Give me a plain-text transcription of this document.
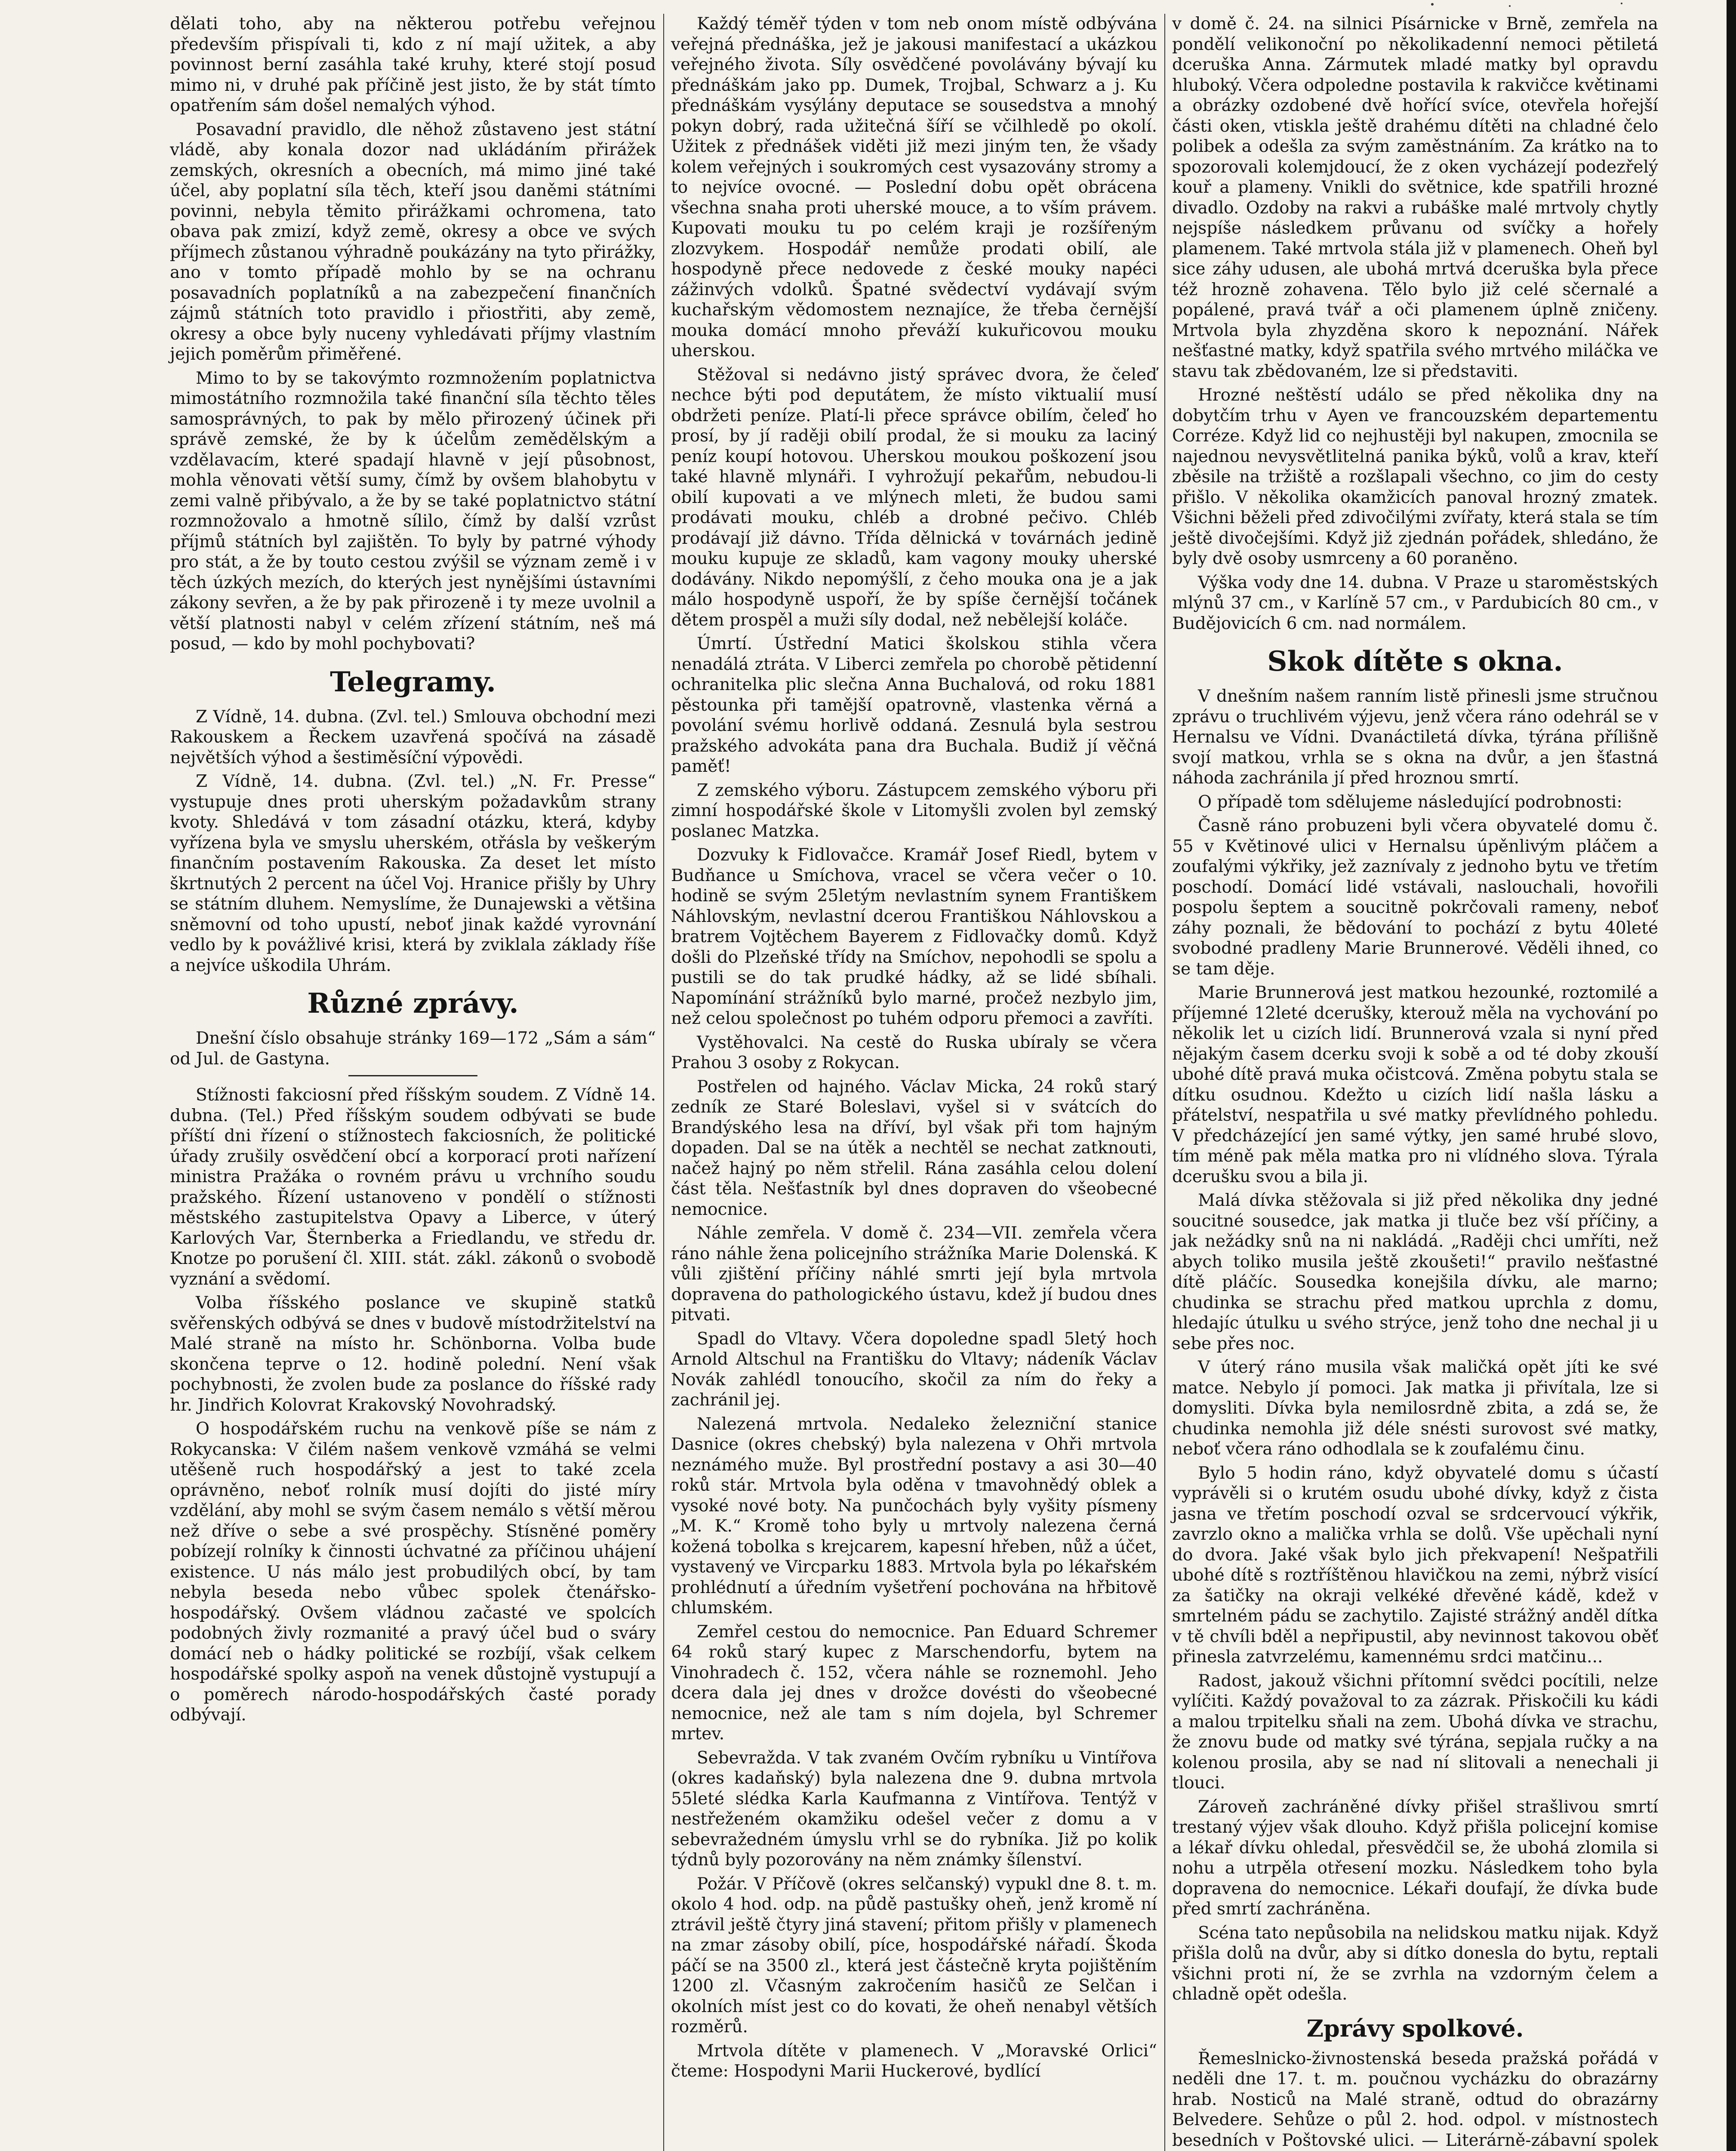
dělati toho, aby na některou potřebu veřejnou především přispívali ti, kdo z ní mají užitek, a aby povinnost berní zasáhla také kruhy, které stojí posud mimo ni, v druhé pak příčině jest jisto, že by stát tímto opatřením sám došel nemalých výhod.

Posavadní pravidlo, dle něhož zůstaveno jest státní vládě, aby konala dozor nad ukládáním přirážek zemských, okresních a obecních, má mimo jiné také účel, aby poplatní síla těch, kteří jsou daněmi státními povinni, nebyla těmito přirážkami ochromena, tato obava pak zmizí, když země, okresy a obce ve svých příjmech zůstanou výhradně poukázány na tyto přirážky, ano v tomto případě mohlo by se na ochranu posavadních poplatníků a na zabezpečení finančních zájmů státních toto pravidlo i přiostřiti, aby země, okresy a obce byly nuceny vyhledávati příjmy vlastním jejich poměrům přiměřené.

Mimo to by se takovýmto rozmnožením poplatnictva mimostátního rozmnožila také finanční síla těchto těles samosprávných, to pak by mělo přirozený účinek při správě zemské, že by k účelům zemědělským a vzdělavacím, které spadají hlavně v její působnost, mohla věnovati větší sumy, čímž by ovšem blahobytu v zemi valně přibývalo, a že by se také poplatnictvo státní rozmnožovalo a hmotně sílilo, čímž by další vzrůst příjmů státních byl zajištěn. To byly by patrné výhody pro stát, a že by touto cestou zvýšil se význam země i v těch úzkých mezích, do kterých jest nynějšími ústavními zákony sevřen, a že by pak přirozeně i ty meze uvolnil a větší platnosti nabyl v celém zřízení státním, neš má posud, — kdo by mohl pochybovati?

Telegramy.

Z Vídně, 14. dubna. (Zvl. tel.) Smlouva obchodní mezi Rakouskem a Řeckem uzavřená spočívá na zásadě největších výhod a šestiměsíční výpovědi.

Z Vídně, 14. dubna. (Zvl. tel.) „N. Fr. Presse“ vystupuje dnes proti uherským požadavkům strany kvoty. Shledává v tom zásadní otázku, která, kdyby vyřízena byla ve smyslu uherském, otřásla by veškerým finančním postavením Rakouska. Za deset let místo škrtnutých 2 percent na účel Voj. Hranice přišly by Uhry se státním dluhem. Nemyslíme, že Dunajewski a většina sněmovní od toho upustí, neboť jinak každé vyrovnání vedlo by k povážlivé krisi, která by zviklala základy říše a nejvíce uškodila Uhrám.

Různé zprávy.

Dnešní číslo obsahuje stránky 169—172 „Sám a sám“ od Jul. de Gastyna.

Stížnosti fakciosní před říšským soudem. Z Vídně 14. dubna. (Tel.) Před říšským soudem odbývati se bude příští dni řízení o stížnostech fakciosních, že politické úřady zrušily osvědčení obcí a korporací proti nařízení ministra Pražáka o rovném právu u vrchního soudu pražského. Řízení ustanoveno v pondělí o stížnosti městského zastupitelstva Opavy a Liberce, v úterý Karlových Var, Šternberka a Friedlandu, ve středu dr. Knotze po porušení čl. XIII. stát. zákl. zákonů o svobodě vyznání a svědomí.

Volba říšského poslance ve skupině statků svěřenských odbývá se dnes v budově místodržitelství na Malé straně na místo hr. Schönborna. Volba bude skončena teprve o 12. hodině polední. Není však pochybnosti, že zvolen bude za poslance do říšské rady hr. Jindřich Kolovrat Krakovský Novohradský.

O hospodářském ruchu na venkově píše se nám z Rokycanska: V čilém našem venkově vzmáhá se velmi utěšeně ruch hospodářský a jest to také zcela oprávněno, neboť rolník musí dojíti do jisté míry vzdělání, aby mohl se svým časem nemálo s větší měrou než dříve o sebe a své prospěchy. Stísněné poměry pobízejí rolníky k činnosti úchvatné za příčinou uhájení existence. U nás málo jest probudilých obcí, by tam nebyla beseda nebo vůbec spolek čtenářsko-hospodářský. Ovšem vládnou začasté ve spolcích podobných živly rozmanité a pravý účel bud o sváry domácí neb o hádky politické se rozbíjí, však celkem hospodářské spolky aspoň na venek důstojně vystupují a o poměrech národo-hospodářských časté porady odbývají.

Každý téměř týden v tom neb onom místě odbývána veřejná přednáška, jež je jakousi manifestací a ukázkou veřejného života. Síly osvědčené povolávány bývají ku přednáškám jako pp. Dumek, Trojbal, Schwarz a j. Ku přednáškám vysýlány deputace se sousedstva a mnohý pokyn dobrý, rada užitečná šíří se včilhledě po okolí. Užitek z přednášek viděti již mezi jiným ten, že všady kolem veřejných i soukromých cest vysazovány stromy a to nejvíce ovocné. — Poslední dobu opět obrácena všechna snaha proti uherské mouce, a to vším právem. Kupovati mouku tu po celém kraji je rozšířeným zlozvykem. Hospodář nemůže prodati obilí, ale hospodyně přece nedovede z české mouky napéci zážinvých vdolků. Špatné svědectví vydávají svým kuchařským vědomostem neznajíce, že třeba černější mouka domácí mnoho převáží kukuřicovou mouku uherskou.

Stěžoval si nedávno jistý správec dvora, že čeleď nechce býti pod deputátem, že místo viktualií musí obdržeti peníze. Platí-li přece správce obilím, čeleď ho prosí, by jí raději obilí prodal, že si mouku za laciný peníz koupí hotovou. Uherskou moukou poškození jsou také hlavně mlynáři. I vyhrožují pekařům, nebudou-li obilí kupovati a ve mlýnech mleti, že budou sami prodávati mouku, chléb a drobné pečivo. Chléb prodávají již dávno. Třída dělnická v továrnách jedině mouku kupuje ze skladů, kam vagony mouky uherské dodávány. Nikdo nepomýšlí, z čeho mouka ona je a jak málo hospodyně uspoří, že by spíše černější točánek dětem prospěl a muži síly dodal, než nebělejší koláče.

Úmrtí. Ústřední Matici školskou stihla včera nenadálá ztráta. V Liberci zemřela po chorobě pětidenní ochranitelka plic slečna Anna Buchalová, od roku 1881 pěstounka při tamější opatrovně, vlastenka věrná a povolání svému horlivě oddaná. Zesnulá byla sestrou pražského advokáta pana dra Buchala. Budiž jí věčná paměť!

Z zemského výboru. Zástupcem zemského výboru při zimní hospodářské škole v Litomyšli zvolen byl zemský poslanec Matzka.

Dozvuky k Fidlovačce. Kramář Josef Riedl, bytem v Budňance u Smíchova, vracel se včera večer o 10. hodině se svým 25letým nevlastním synem Františkem Náhlovským, nevlastní dcerou Františkou Náhlovskou a bratrem Vojtěchem Bayerem z Fidlovačky domů. Když došli do Plzeňské třídy na Smíchov, nepohodli se spolu a pustili se do tak prudké hádky, až se lidé sbíhali. Napomínání strážníků bylo marné, pročež nezbylo jim, než celou společnost po tuhém odporu přemoci a zavříti.

Vystěhovalci. Na cestě do Ruska ubíraly se včera Prahou 3 osoby z Rokycan.

Postřelen od hajného. Václav Micka, 24 roků starý zedník ze Staré Boleslavi, vyšel si v svátcích do Brandýského lesa na dříví, byl však při tom hajným dopaden. Dal se na útěk a nechtěl se nechat zatknouti, načež hajný po něm střelil. Rána zasáhla celou dolení část těla. Nešťastník byl dnes dopraven do všeobecné nemocnice.

Náhle zemřela. V domě č. 234—VII. zemřela včera ráno náhle žena policejního strážníka Marie Dolenská. K vůli zjištění příčiny náhlé smrti její byla mrtvola dopravena do pathologického ústavu, kdež jí budou dnes pitvati.

Spadl do Vltavy. Včera dopoledne spadl 5letý hoch Arnold Altschul na Františku do Vltavy; nádeník Václav Novák zahlédl tonoucího, skočil za ním do řeky a zachránil jej.

Nalezená mrtvola. Nedaleko železniční stanice Dasnice (okres chebský) byla nalezena v Ohři mrtvola neznámého muže. Byl prostřední postavy a asi 30—40 roků stár. Mrtvola byla oděna v tmavohnědý oblek a vysoké nové boty. Na punčochách byly vyšity písmeny „M. K.“ Kromě toho byly u mrtvoly nalezena černá kožená tobolka s krejcarem, kapesní hřeben, nůž a účet, vystavený ve Vircparku 1883. Mrtvola byla po lékařském prohlédnutí a úředním vyšetření pochována na hřbitově chlumském.

Zemřel cestou do nemocnice. Pan Eduard Schremer 64 roků starý kupec z Marschendorfu, bytem na Vinohradech č. 152, včera náhle se roznemohl. Jeho dcera dala jej dnes v drožce dovésti do všeobecné nemocnice, než ale tam s ním dojela, byl Schremer mrtev.

Sebevražda. V tak zvaném Ovčím rybníku u Vintířova (okres kadaňský) byla nalezena dne 9. dubna mrtvola 55leté slédka Karla Kaufmanna z Vintířova. Tentýž v nestřeženém okamžiku odešel večer z domu a v sebevražedném úmyslu vrhl se do rybníka. Již po kolik týdnů byly pozorovány na něm známky šílenství.

Požár. V Příčově (okres selčanský) vypukl dne 8. t. m. okolo 4 hod. odp. na půdě pastušky oheň, jenž kromě ní ztrávil ještě čtyry jiná stavení; přitom přišly v plamenech na zmar zásoby obilí, píce, hospodářské nářadí. Škoda páčí se na 3500 zl., která jest částečně kryta pojištěním 1200 zl. Včasným zakročením hasičů ze Selčan i okolních míst jest co do kovati, že oheň nenabyl větších rozměrů.

Mrtvola dítěte v plamenech. V „Moravské Orlici“ čteme: Hospodyni Marii Huckerové, bydlící

v domě č. 24. na silnici Písárnicke v Brně, zemřela na pondělí velikonoční po několikadenní nemoci pětiletá dceruška Anna. Zármutek mladé matky byl opravdu hluboký. Včera odpoledne postavila k rakvičce květinami a obrázky ozdobené dvě hořící svíce, otevřela hořejší části oken, vtiskla ještě drahému dítěti na chladné čelo polibek a odešla za svým zaměstnáním. Za krátko na to spozorovali kolemjdoucí, že z oken vycházejí podezřelý kouř a plameny. Vnikli do světnice, kde spatřili hrozné divadlo. Ozdoby na rakvi a rubáške malé mrtvoly chytly nejspíše následkem průvanu od svíčky a hořely plamenem. Také mrtvola stála již v plamenech. Oheň byl sice záhy udusen, ale ubohá mrtvá dceruška byla přece též hrozně zohavena. Tělo bylo již celé sčernalé a popálené, pravá tvář a oči plamenem úplně zničeny. Mrtvola byla zhyzděna skoro k nepoznání. Nářek nešťastné matky, když spatřila svého mrtvého miláčka ve stavu tak zbědovaném, lze si představiti.

Hrozné neštěstí událo se před několika dny na dobytčím trhu v Ayen ve francouzském departementu Corréze. Když lid co nejhustěji byl nakupen, zmocnila se najednou nevysvětlitelná panika býků, volů a krav, kteří zběsile na tržiště a rozšlapali všechno, co jim do cesty přišlo. V několika okamžicích panoval hrozný zmatek. Všichni běželi před zdivočilými zvířaty, která stala se tím ještě divočejšími. Když již zjednán pořádek, shledáno, že byly dvě osoby usmrceny a 60 poraněno.

Výška vody dne 14. dubna. V Praze u staroměstských mlýnů 37 cm., v Karlíně 57 cm., v Pardubicích 80 cm., v Budějovicích 6 cm. nad normálem.

Skok dítěte s okna.

V dnešním našem ranním listě přinesli jsme stručnou zprávu o truchlivém výjevu, jenž včera ráno odehrál se v Hernalsu ve Vídni. Dvanáctiletá dívka, týrána přílišně svojí matkou, vrhla se s okna na dvůr, a jen šťastná náhoda zachránila jí před hroznou smrtí.

O případě tom sdělujeme následující podrobnosti:

Časně ráno probuzeni byli včera obyvatelé domu č. 55 v Květinové ulici v Hernalsu úpěnlivým pláčem a zoufalými výkřiky, jež zaznívaly z jednoho bytu ve třetím poschodí. Domácí lidé vstávali, naslouchali, hovořili pospolu šeptem a soucitně pokrčovali rameny, neboť záhy poznali, že bědování to pochází z bytu 40leté svobodné pradleny Marie Brunnerové. Věděli ihned, co se tam děje.

Marie Brunnerová jest matkou hezounké, roztomilé a příjemné 12leté dcerušky, kterouž měla na vychování po několik let u cizích lidí. Brunnerová vzala si nyní před nějakým časem dcerku svoji k sobě a od té doby zkouší ubohé dítě pravá muka očistcová. Změna pobytu stala se dítku osudnou. Kdežto u cizích lidí našla lásku a přátelství, nespatřila u své matky převlídného pohledu. V předcházející jen samé výtky, jen samé hrubé slovo, tím méně pak měla matka pro ni vlídného slova. Týrala dcerušku svou a bila ji.

Malá dívka stěžovala si již před několika dny jedné soucitné sousedce, jak matka ji tluče bez vší příčiny, a jak nežádky snů na ni nakládá. „Raději chci umříti, než abych toliko musila ještě zkoušeti!“ pravilo nešťastné dítě pláčíc. Sousedka konejšila dívku, ale marno; chudinka se strachu před matkou uprchla z domu, hledajíc útulku u svého strýce, jenž toho dne nechal ji u sebe přes noc.

V úterý ráno musila však maličká opět jíti ke své matce. Nebylo jí pomoci. Jak matka ji přivítala, lze si domysliti. Dívka byla nemilosrdně zbita, a zdá se, že chudinka nemohla již déle snésti surovost své matky, neboť včera ráno odhodlala se k zoufalému činu.

Bylo 5 hodin ráno, když obyvatelé domu s účastí vyprávěli si o krutém osudu ubohé dívky, když z čista jasna ve třetím poschodí ozval se srdcervoucí výkřik, zavrzlo okno a malička vrhla se dolů. Vše upěchali nyní do dvora. Jaké však bylo jich překvapení! Nešpatřili ubohé dítě s roztříštěnou hlavičkou na zemi, nýbrž visící za šatičky na okraji velkéké dřevěné kádě, kdež v smrtelném pádu se zachytilo. Zajisté strážný anděl dítka v tě chvíli bděl a nepřipustil, aby nevinnost takovou oběť přinesla zatvrzelému, kamennému srdci matčinu...

Radost, jakouž všichni přítomní svědci pocítili, nelze vylíčiti. Každý považoval to za zázrak. Přiskočili ku kádi a malou trpitelku sňali na zem. Ubohá dívka ve strachu, že znovu bude od matky své týrána, sepjala ručky a na kolenou prosila, aby se nad ní slitovali a nenechali ji tlouci.

Zároveň zachráněné dívky přišel strašlivou smrtí trestaný výjev však dlouho. Když přišla policejní komise a lékař dívku ohledal, přesvědčil se, že ubohá zlomila si nohu a utrpěla otřesení mozku. Následkem toho byla dopravena do nemocnice. Lékaři doufají, že dívka bude před smrtí zachráněna.

Scéna tato nepůsobila na nelidskou matku nijak. Když přišla dolů na dvůr, aby si dítko donesla do bytu, reptali všichni proti ní, že se zvrhla na vzdorným čelem a chladně opět odešla.

Zprávy spolkové.

Řemeslnicko-živnostenská beseda pražská pořádá v neděli dne 17. t. m. poučnou vycházku do obrazárny hrab. Nosticů na Malé straně, odtud do obrazárny Belvedere. Sehůze o půl 2. hod. odpol. v místnostech besedních v Poštovské ulici. — Literárně-zábavní spolek
